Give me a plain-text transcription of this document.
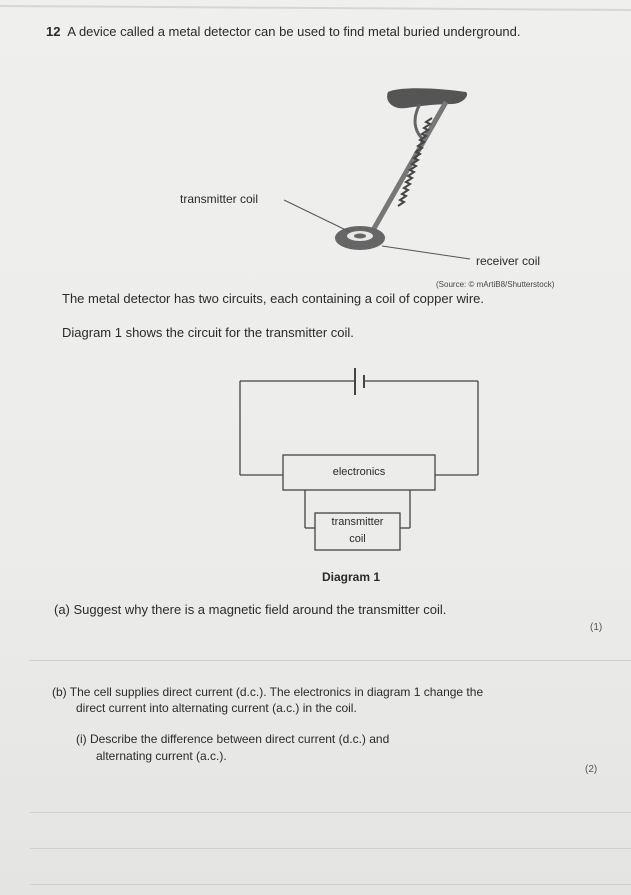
12 A device called a metal detector can be used to find metal buried underground.
transmitter coil
receiver coil
(Source: © mArtiB8/Shutterstock)
The metal detector has two circuits, each containing a coil of copper wire.
Diagram 1 shows the circuit for the transmitter coil.
electronics
transmitter
coil
Diagram 1
(a) Suggest why there is a magnetic field around the transmitter coil.
(1)
(b) The cell supplies direct current (d.c.). The electronics in diagram 1 change the
direct current into alternating current (a.c.) in the coil.
(i) Describe the difference between direct current (d.c.) and
alternating current (a.c.).
(2)
